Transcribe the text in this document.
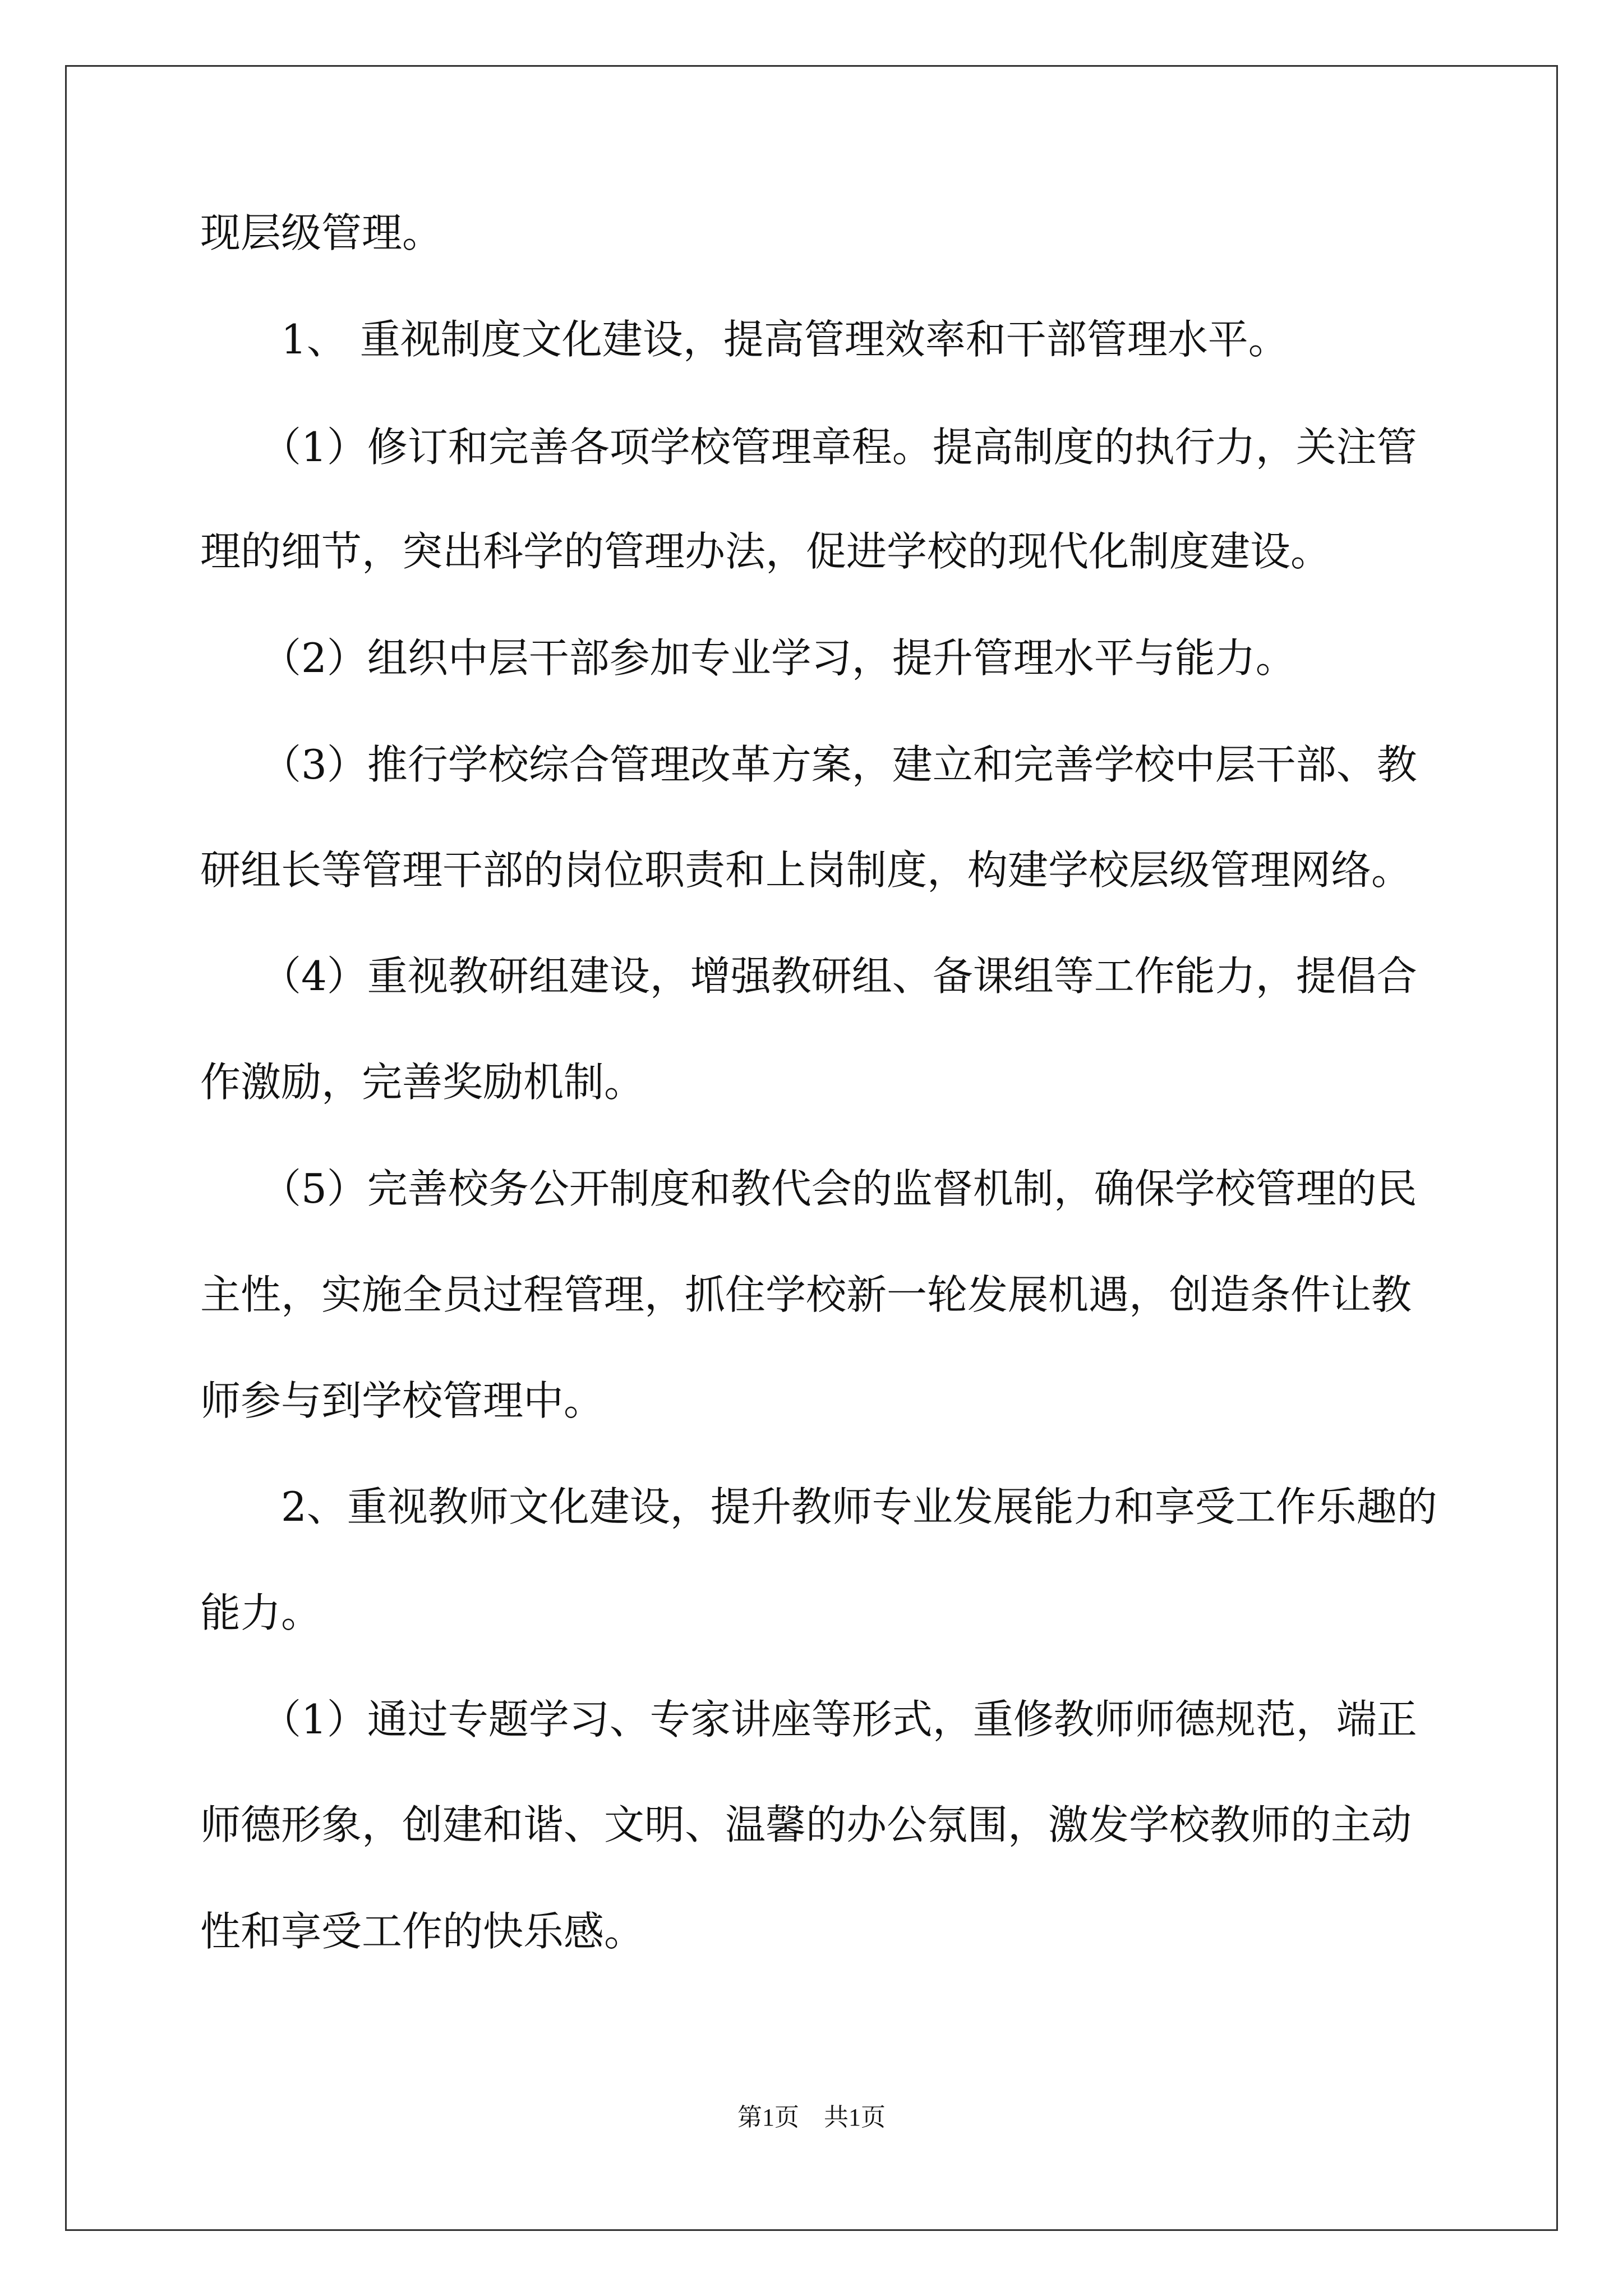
现层级管理。
　　1、 重视制度文化建设，提高管理效率和干部管理水平。
　　（1）修订和完善各项学校管理章程。提高制度的执行力，关注管
理的细节，突出科学的管理办法，促进学校的现代化制度建设。
　　（2）组织中层干部参加专业学习，提升管理水平与能力。
　　（3）推行学校综合管理改革方案，建立和完善学校中层干部、教
研组长等管理干部的岗位职责和上岗制度，构建学校层级管理网络。
　　（4）重视教研组建设，增强教研组、备课组等工作能力，提倡合
作激励，完善奖励机制。
　　（5）完善校务公开制度和教代会的监督机制，确保学校管理的民
主性，实施全员过程管理，抓住学校新一轮发展机遇，创造条件让教
师参与到学校管理中。
　　2、重视教师文化建设，提升教师专业发展能力和享受工作乐趣的
能力。
　　（1）通过专题学习、专家讲座等形式，重修教师师德规范，端正
师德形象，创建和谐、文明、温馨的办公氛围，激发学校教师的主动
性和享受工作的快乐感。
第1页　共1页
